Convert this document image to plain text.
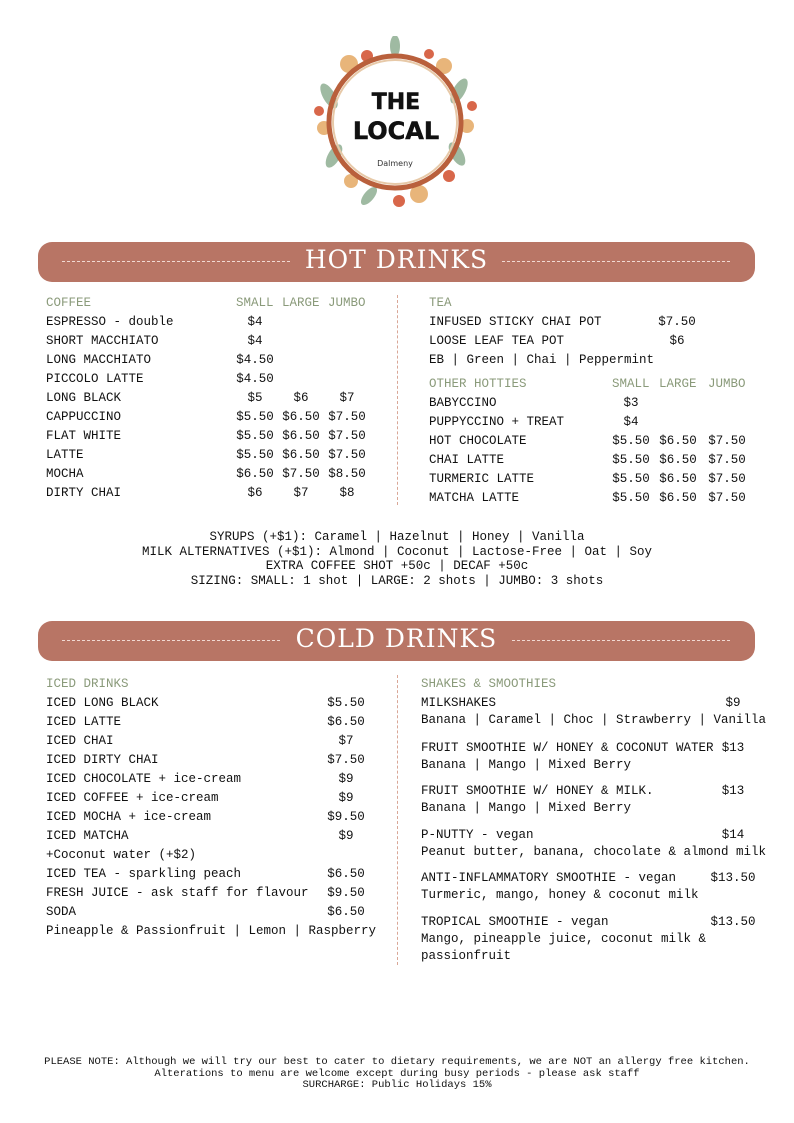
THE
LOCAL
Dalmeny
HOT DRINKS
COFFEE	SMALL LARGE JUMBO
ESPRESSO - double	$4
SHORT MACCHIATO	$4
LONG MACCHIATO	$4.50
PICCOLO LATTE	$4.50
LONG BLACK	$5	$6	$7
CAPPUCCINO	$5.50 $6.50 $7.50
FLAT WHITE	$5.50 $6.50 $7.50
LATTE	$5.50 $6.50 $7.50
MOCHA	$6.50 $7.50 $8.50
DIRTY CHAI	$6	$7	$8
TEA
INFUSED STICKY CHAI POT	$7.50
LOOSE LEAF TEA POT	$6
EB | Green | Chai | Peppermint
OTHER HOTTIES	SMALL LARGE JUMBO
BABYCCINO	$3
PUPPYCCINO + TREAT	$4
HOT CHOCOLATE	$5.50 $6.50 $7.50
CHAI LATTE	$5.50 $6.50 $7.50
TURMERIC LATTE	$5.50 $6.50 $7.50
MATCHA LATTE	$5.50 $6.50 $7.50
SYRUPS (+$1): Caramel | Hazelnut | Honey | Vanilla
MILK ALTERNATIVES (+$1): Almond | Coconut | Lactose-Free | Oat | Soy
EXTRA COFFEE SHOT +50c | DECAF +50c
SIZING: SMALL: 1 shot | LARGE: 2 shots | JUMBO: 3 shots
COLD DRINKS
ICED DRINKS
ICED LONG BLACK	$5.50
ICED LATTE	$6.50
ICED CHAI	$7
ICED DIRTY CHAI	$7.50
ICED CHOCOLATE + ice-cream	$9
ICED COFFEE + ice-cream	$9
ICED MOCHA + ice-cream	$9.50
ICED MATCHA	$9
+Coconut water (+$2)
ICED TEA - sparkling peach	$6.50
FRESH JUICE - ask staff for flavour	$9.50
SODA	$6.50
Pineapple & Passionfruit | Lemon | Raspberry
SHAKES & SMOOTHIES
MILKSHAKES	$9
Banana | Caramel | Choc | Strawberry | Vanilla
FRUIT SMOOTHIE W/ HONEY & COCONUT WATER $13
Banana | Mango | Mixed Berry
FRUIT SMOOTHIE W/ HONEY & MILK.	$13
Banana | Mango | Mixed Berry
P-NUTTY - vegan	$14
Peanut butter, banana, chocolate & almond milk
ANTI-INFLAMMATORY SMOOTHIE - vegan	$13.50
Turmeric, mango, honey & coconut milk
TROPICAL SMOOTHIE - vegan	$13.50
Mango, pineapple juice, coconut milk &
passionfruit
PLEASE NOTE: Although we will try our best to cater to dietary requirements, we are NOT an allergy free kitchen.
Alterations to menu are welcome except during busy periods - please ask staff
SURCHARGE: Public Holidays 15%
